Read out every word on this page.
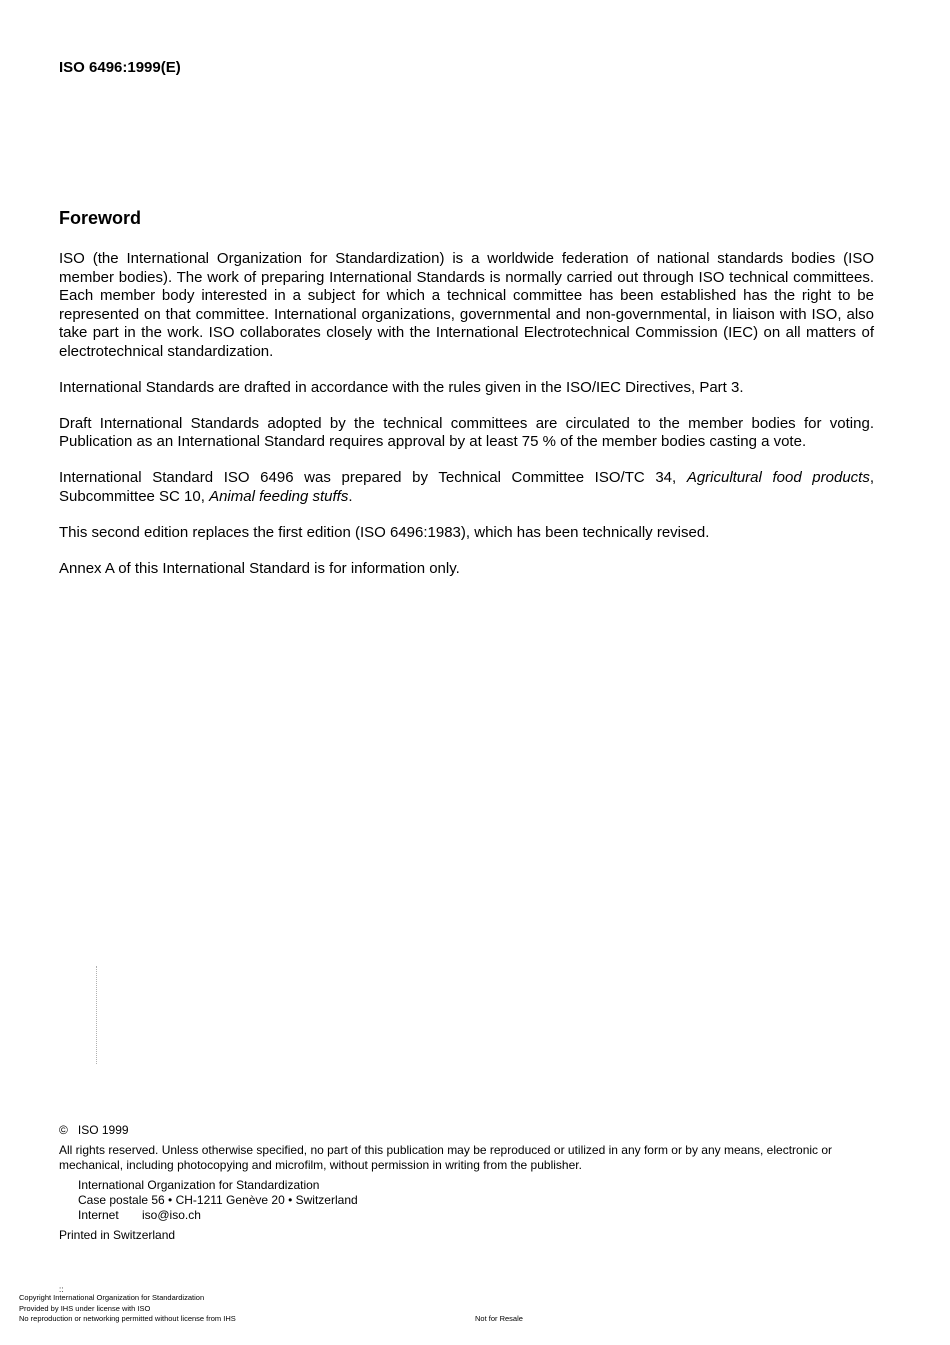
ISO 6496:1999(E)
Foreword

ISO (the International Organization for Standardization) is a worldwide federation of national standards bodies (ISO member bodies). The work of preparing International Standards is normally carried out through ISO technical committees. Each member body interested in a subject for which a technical committee has been established has the right to be represented on that committee. International organizations, governmental and non-governmental, in liaison with ISO, also take part in the work. ISO collaborates closely with the International Electrotechnical Commission (IEC) on all matters of electrotechnical standardization.

International Standards are drafted in accordance with the rules given in the ISO/IEC Directives, Part 3.

Draft International Standards adopted by the technical committees are circulated to the member bodies for voting. Publication as an International Standard requires approval by at least 75 % of the member bodies casting a vote.

International Standard ISO 6496 was prepared by Technical Committee ISO/TC 34, Agricultural food products, Subcommittee SC 10, Animal feeding stuffs.

This second edition replaces the first edition (ISO 6496:1983), which has been technically revised.

Annex A of this International Standard is for information only.

© ISO 1999
All rights reserved. Unless otherwise specified, no part of this publication may be reproduced or utilized in any form or by any means, electronic or mechanical, including photocopying and microfilm, without permission in writing from the publisher.
International Organization for Standardization
Case postale 56 • CH-1211 Genève 20 • Switzerland
Internet iso@iso.ch
Printed in Switzerland
::
Copyright International Organization for Standardization
Provided by IHS under license with ISO
No reproduction or networking permitted without license from IHS	Not for Resale
